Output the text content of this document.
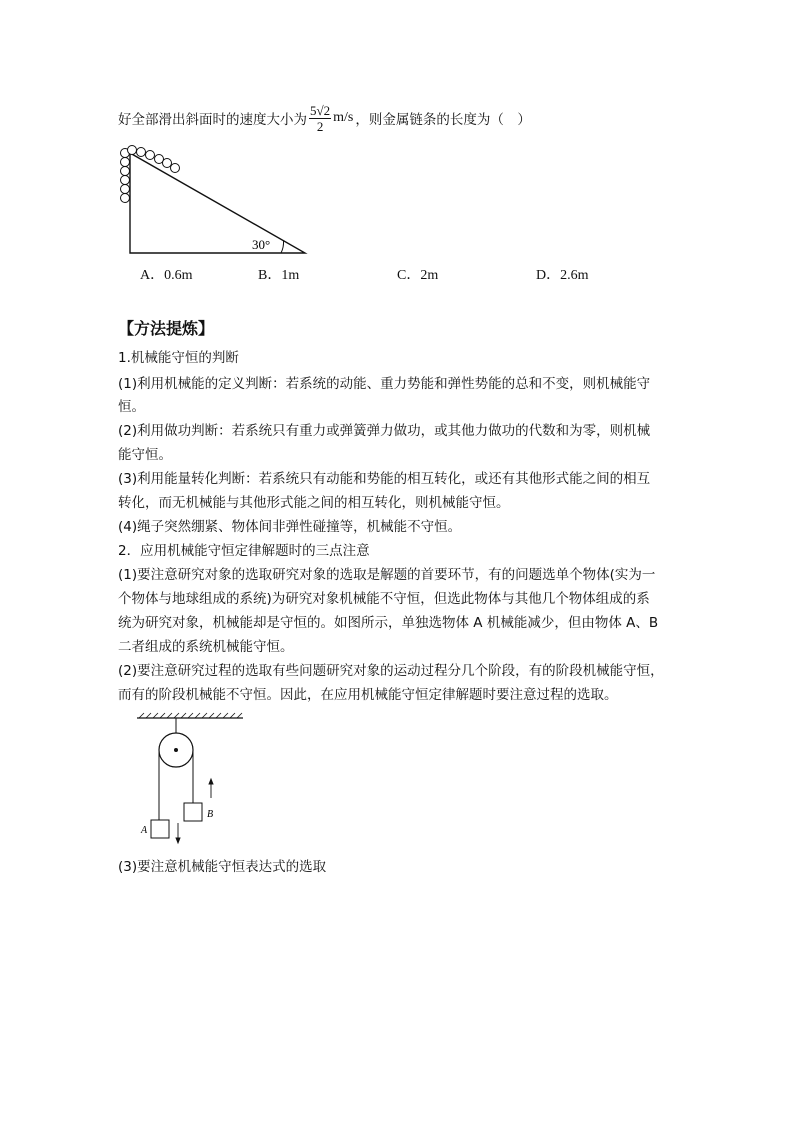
好全部滑出斜面时的速度大小为 $\frac{5√2}{2} m/s$ ，则金属链条的长度为（　）
30°
A．0.6m	B．1m	C．2m	D．2.6m
【方法提炼】
1.机械能守恒的判断
(1)利用机械能的定义判断：若系统的动能、重力势能和弹性势能的总和不变，则机械能守
恒。
(2)利用做功判断：若系统只有重力或弹簧弹力做功，或其他力做功的代数和为零，则机械
能守恒。
(3)利用能量转化判断：若系统只有动能和势能的相互转化，或还有其他形式能之间的相互
转化，而无机械能与其他形式能之间的相互转化，则机械能守恒。
(4)绳子突然绷紧、物体间非弹性碰撞等，机械能不守恒。
2．应用机械能守恒定律解题时的三点注意
(1)要注意研究对象的选取研究对象的选取是解题的首要环节，有的问题选单个物体(实为一
个物体与地球组成的系统)为研究对象机械能不守恒，但选此物体与其他几个物体组成的系
统为研究对象，机械能却是守恒的。如图所示，单独选物体 A 机械能减少，但由物体 A、B
二者组成的系统机械能守恒。
(2)要注意研究过程的选取有些问题研究对象的运动过程分几个阶段，有的阶段机械能守恒，
而有的阶段机械能不守恒。因此，在应用机械能守恒定律解题时要注意过程的选取。
A
B
(3)要注意机械能守恒表达式的选取
